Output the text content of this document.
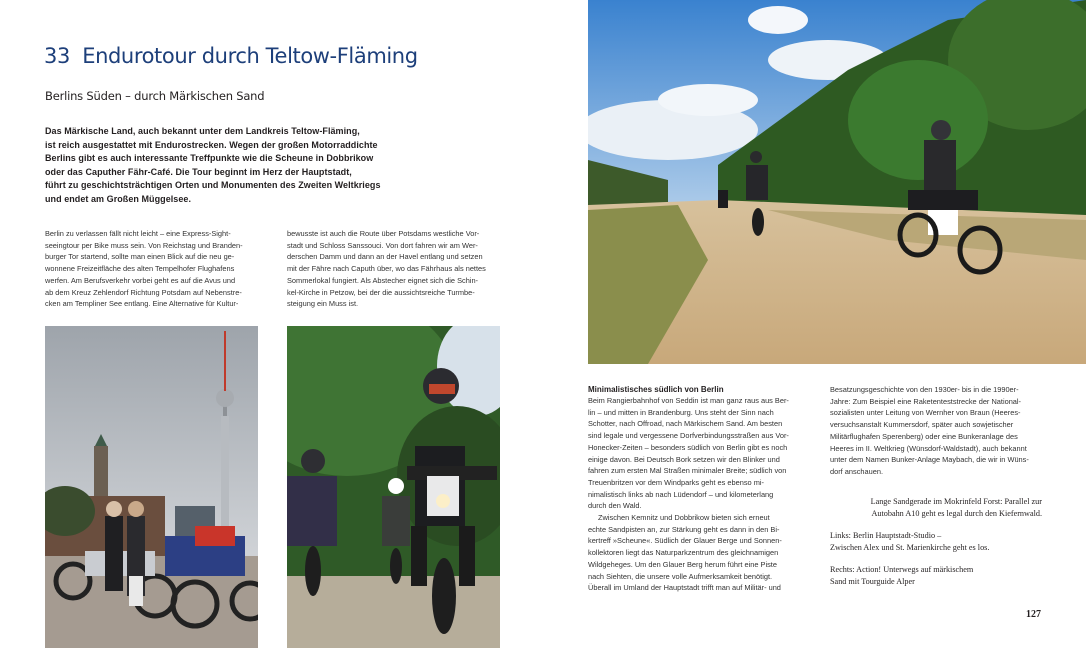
33 Endurotour durch Teltow-Fläming
Berlins Süden – durch Märkischen Sand
Das Märkische Land, auch bekannt unter dem Landkreis Teltow-Fläming,
ist reich ausgestattet mit Endurostrecken. Wegen der großen Motorraddichte
Berlins gibt es auch interessante Treffpunkte wie die Scheune in Dobbrikow
oder das Caputher Fähr-Café. Die Tour beginnt im Herz der Hauptstadt,
führt zu geschichtsträchtigen Orten und Monumenten des Zweiten Weltkriegs
und endet am Großen Müggelsee.
Berlin zu verlassen fällt nicht leicht – eine Express-Sight-
seeingtour per Bike muss sein. Von Reichstag und Branden-
burger Tor startend, sollte man einen Blick auf die neu ge-
wonnene Freizeitfläche des alten Tempelhofer Flughafens
werfen. Am Berufsverkehr vorbei geht es auf die Avus und
ab dem Kreuz Zehlendorf Richtung Potsdam auf Nebenstre-
cken am Templiner See entlang. Eine Alternative für Kultur-
bewusste ist auch die Route über Potsdams westliche Vor-
stadt und Schloss Sanssouci. Von dort fahren wir am Wer-
derschen Damm und dann an der Havel entlang und setzen
mit der Fähre nach Caputh über, wo das Fährhaus als nettes
Sommerlokal fungiert. Als Abstecher eignet sich die Schin-
kel-Kirche in Petzow, bei der die aussichtsreiche Turmbe-
steigung ein Muss ist.
Minimalistisches südlich von Berlin
Beim Rangierbahnhof von Seddin ist man ganz raus aus Ber-
lin – und mitten in Brandenburg. Uns steht der Sinn nach
Schotter, nach Offroad, nach Märkischem Sand. Am besten
sind legale und vergessene Dorfverbindungsstraßen aus Vor-
Honecker-Zeiten – besonders südlich von Berlin gibt es noch
einige davon. Bei Deutsch Bork setzen wir den Blinker und
fahren zum ersten Mal Straßen minimaler Breite; südlich von
Treuenbritzen vor dem Windparks geht es ebenso mi-
nimalistisch links ab nach Lüdendorf – und kilometerlang
durch den Wald.
Zwischen Kemnitz und Dobbrikow bieten sich erneut
echte Sandpisten an, zur Stärkung geht es dann in den Bi-
kertreff »Scheune«. Südlich der Glauer Berge und Sonnen-
kollektoren liegt das Naturparkzentrum des gleichnamigen
Wildgeheges. Um den Glauer Berg herum führt eine Piste
nach Siehten, die unsere volle Aufmerksamkeit benötigt.
Überall im Umland der Hauptstadt trifft man auf Militär- und
Besatzungsgeschichte von den 1930er- bis in die 1990er-
Jahre: Zum Beispiel eine Raketenteststrecke der National-
sozialisten unter Leitung von Wernher von Braun (Heeres-
versuchsanstalt Kummersdorf, später auch sowjetischer
Militärflughafen Sperenberg) oder eine Bunkeranlage des
Heeres im II. Weltkrieg (Wünsdorf-Waldstadt), auch bekannt
unter dem Namen Bunker-Anlage Maybach, die wir in Wüns-
dorf anschauen.
Lange Sandgerade im Mokrinfeld Forst: Parallel zur
Autobahn A10 geht es legal durch den Kiefernwald.
Links: Berlin Hauptstadt-Studio –
Zwischen Alex und St. Marienkirche geht es los.
Rechts: Action! Unterwegs auf märkischem
Sand mit Tourguide Alper
127
